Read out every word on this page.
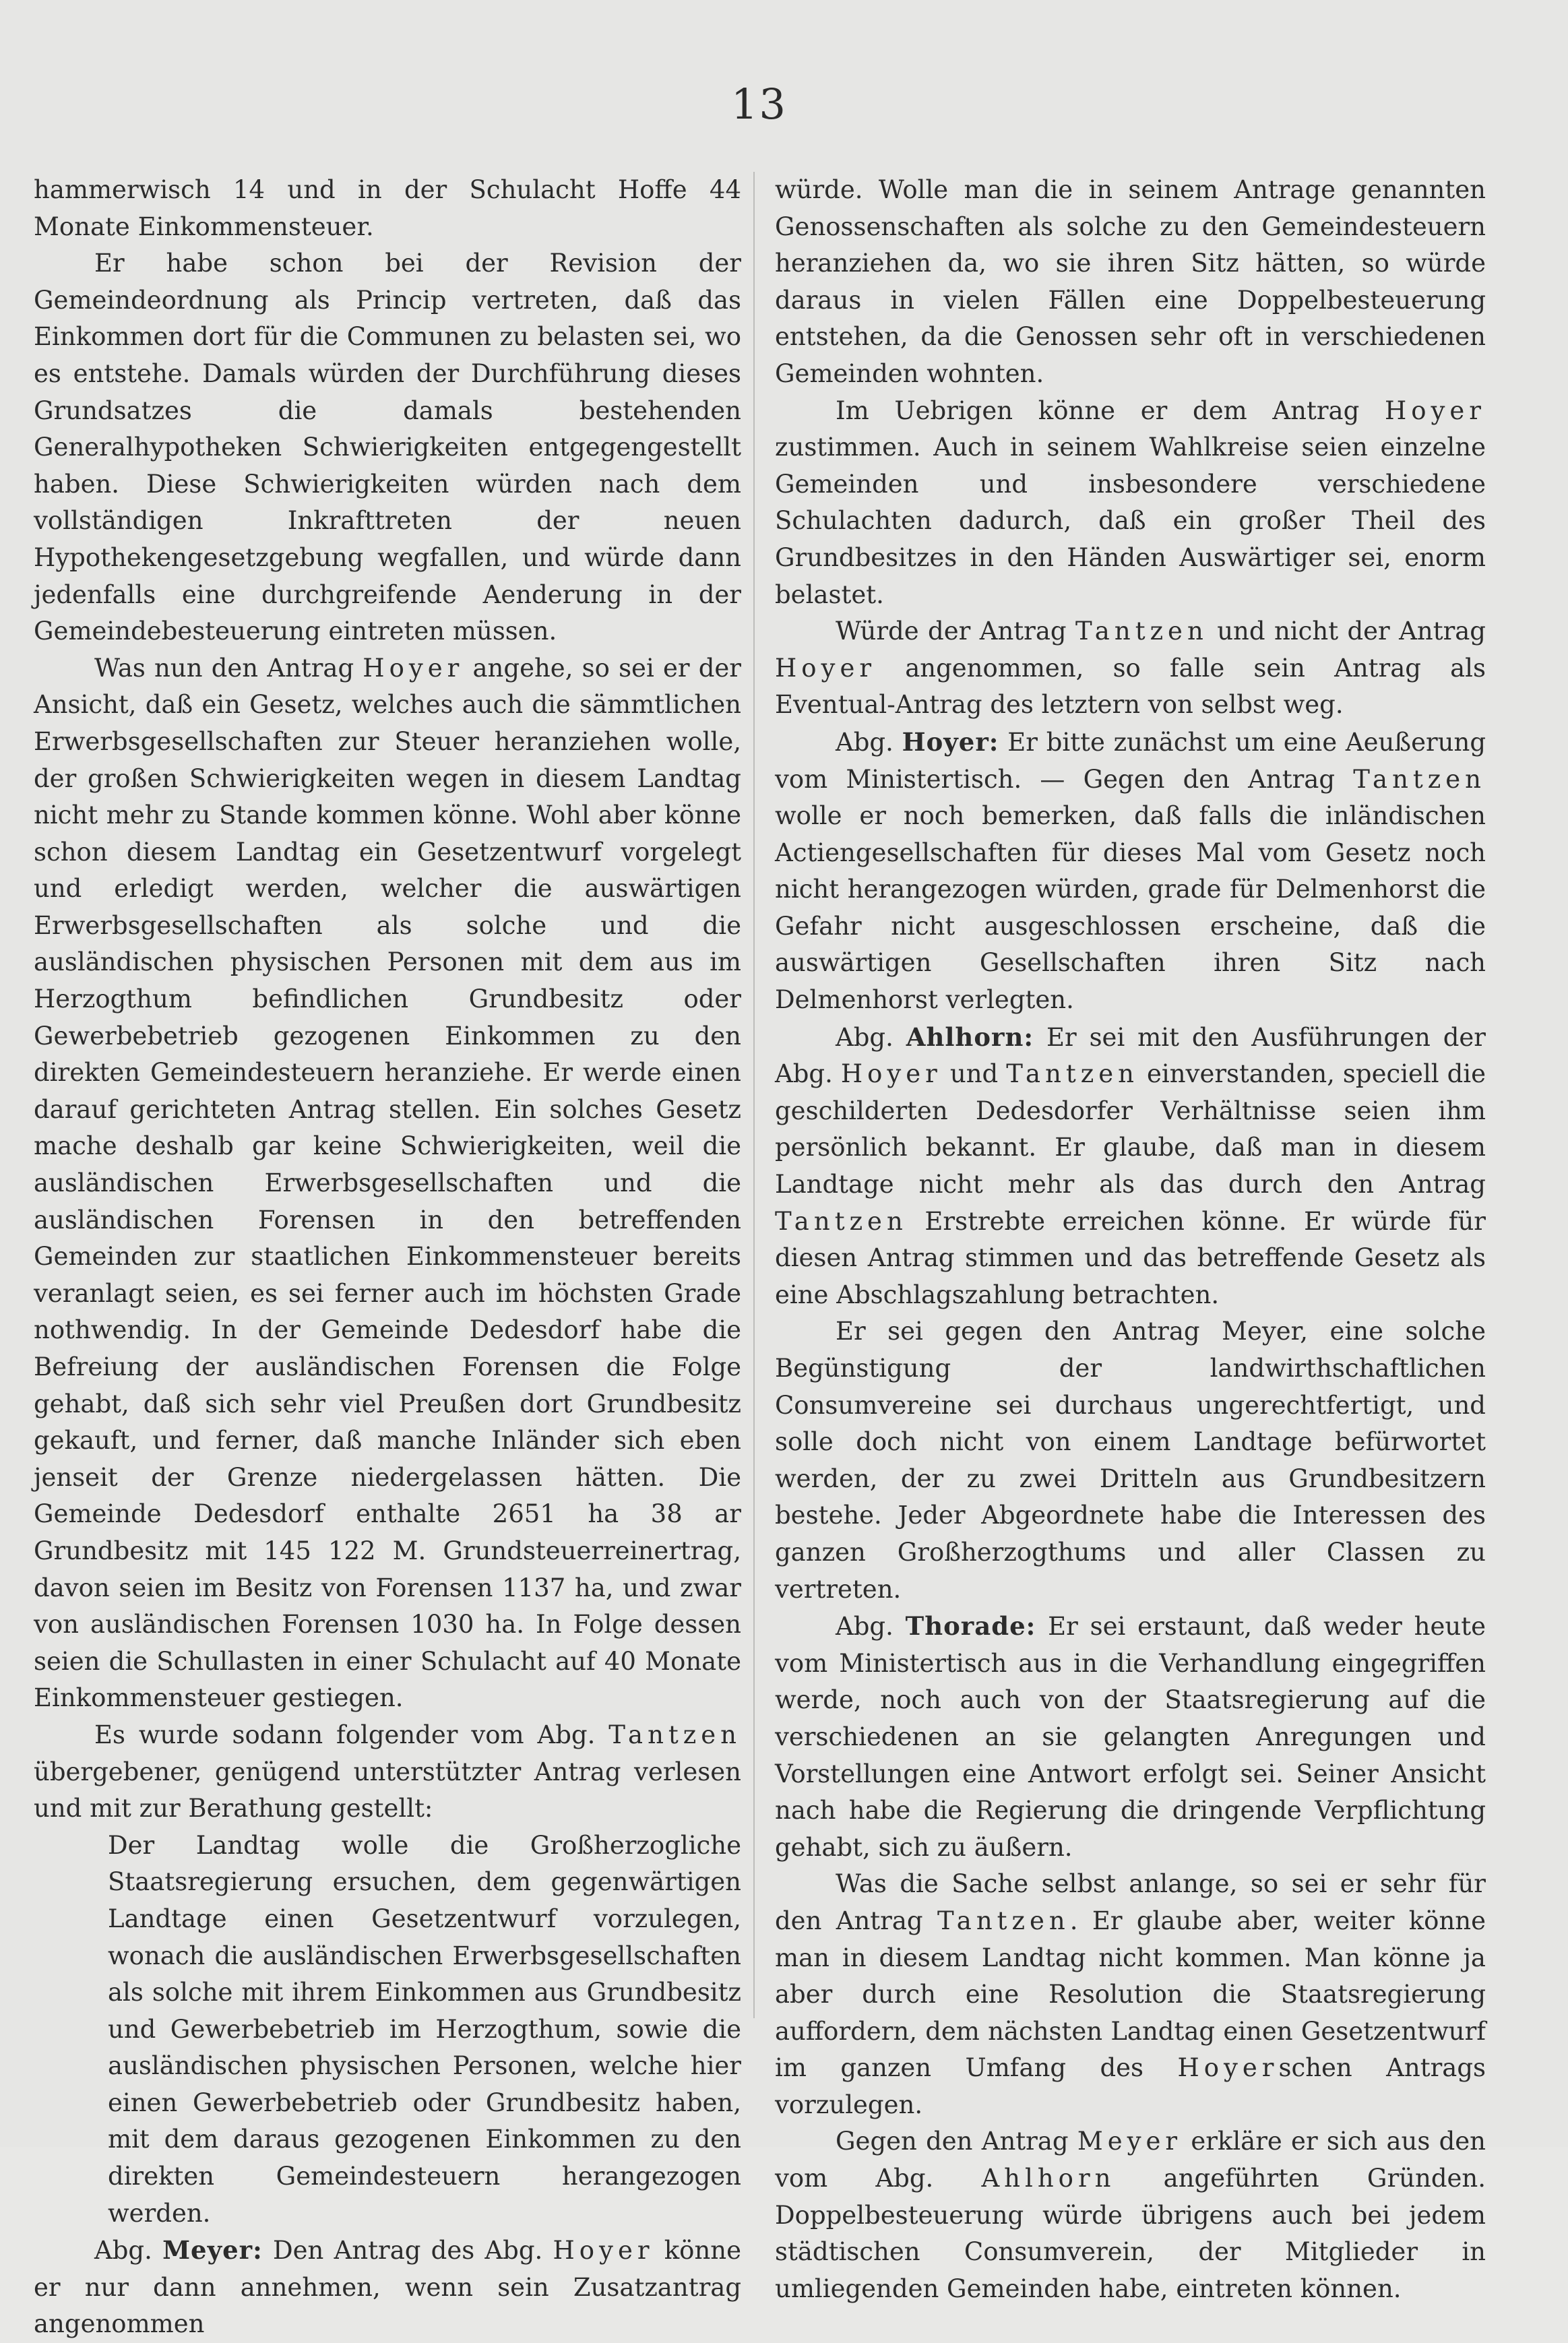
13

hammerwisch 14 und in der Schulacht Hoffe 44 Monate Einkommensteuer.

Er habe schon bei der Revision der Gemeindeordnung als Princip vertreten, daß das Einkommen dort für die Communen zu belasten sei, wo es entstehe. Damals würden der Durchführung dieses Grundsatzes die damals bestehenden Generalhypotheken Schwierigkeiten entgegengestellt haben. Diese Schwierigkeiten würden nach dem vollständigen Inkrafttreten der neuen Hypothekengesetzgebung wegfallen, und würde dann jedenfalls eine durchgreifende Aenderung in der Gemeindebesteuerung eintreten müssen.

Was nun den Antrag Hoyer angehe, so sei er der Ansicht, daß ein Gesetz, welches auch die sämmtlichen Erwerbsgesellschaften zur Steuer heranziehen wolle, der großen Schwierigkeiten wegen in diesem Landtag nicht mehr zu Stande kommen könne. Wohl aber könne schon diesem Landtag ein Gesetzentwurf vorgelegt und erledigt werden, welcher die auswärtigen Erwerbsgesellschaften als solche und die ausländischen physischen Personen mit dem aus im Herzogthum befindlichen Grundbesitz oder Gewerbebetrieb gezogenen Einkommen zu den direkten Gemeindesteuern heranziehe. Er werde einen darauf gerichteten Antrag stellen. Ein solches Gesetz mache deshalb gar keine Schwierigkeiten, weil die ausländischen Erwerbsgesellschaften und die ausländischen Forensen in den betreffenden Gemeinden zur staatlichen Einkommensteuer bereits veranlagt seien, es sei ferner auch im höchsten Grade nothwendig. In der Gemeinde Dedesdorf habe die Befreiung der ausländischen Forensen die Folge gehabt, daß sich sehr viel Preußen dort Grundbesitz gekauft, und ferner, daß manche Inländer sich eben jenseit der Grenze niedergelassen hätten. Die Gemeinde Dedesdorf enthalte 2651 ha 38 ar Grundbesitz mit 145 122 M. Grundsteuerreinertrag, davon seien im Besitz von Forensen 1137 ha, und zwar von ausländischen Forensen 1030 ha. In Folge dessen seien die Schullasten in einer Schulacht auf 40 Monate Einkommensteuer gestiegen.

Es wurde sodann folgender vom Abg. Tantzen übergebener, genügend unterstützter Antrag verlesen und mit zur Berathung gestellt:

Der Landtag wolle die Großherzogliche Staatsregierung ersuchen, dem gegenwärtigen Landtage einen Gesetzentwurf vorzulegen, wonach die ausländischen Erwerbsgesellschaften als solche mit ihrem Einkommen aus Grundbesitz und Gewerbebetrieb im Herzogthum, sowie die ausländischen physischen Personen, welche hier einen Gewerbebetrieb oder Grundbesitz haben, mit dem daraus gezogenen Einkommen zu den direkten Gemeindesteuern herangezogen werden.

Abg. Meyer: Den Antrag des Abg. Hoyer könne er nur dann annehmen, wenn sein Zusatzantrag angenommen

würde. Wolle man die in seinem Antrage genannten Genossenschaften als solche zu den Gemeindesteuern heranziehen da, wo sie ihren Sitz hätten, so würde daraus in vielen Fällen eine Doppelbesteuerung entstehen, da die Genossen sehr oft in verschiedenen Gemeinden wohnten.

Im Uebrigen könne er dem Antrag Hoyer zustimmen. Auch in seinem Wahlkreise seien einzelne Gemeinden und insbesondere verschiedene Schulachten dadurch, daß ein großer Theil des Grundbesitzes in den Händen Auswärtiger sei, enorm belastet.

Würde der Antrag Tantzen und nicht der Antrag Hoyer angenommen, so falle sein Antrag als Eventual-Antrag des letztern von selbst weg.

Abg. Hoyer: Er bitte zunächst um eine Aeußerung vom Ministertisch. — Gegen den Antrag Tantzen wolle er noch bemerken, daß falls die inländischen Actiengesellschaften für dieses Mal vom Gesetz noch nicht herangezogen würden, grade für Delmenhorst die Gefahr nicht ausgeschlossen erscheine, daß die auswärtigen Gesellschaften ihren Sitz nach Delmenhorst verlegten.

Abg. Ahlhorn: Er sei mit den Ausführungen der Abg. Hoyer und Tantzen einverstanden, speciell die geschilderten Dedesdorfer Verhältnisse seien ihm persönlich bekannt. Er glaube, daß man in diesem Landtage nicht mehr als das durch den Antrag Tantzen Erstrebte erreichen könne. Er würde für diesen Antrag stimmen und das betreffende Gesetz als eine Abschlagszahlung betrachten.

Er sei gegen den Antrag Meyer, eine solche Begünstigung der landwirthschaftlichen Consumvereine sei durchaus ungerechtfertigt, und solle doch nicht von einem Landtage befürwortet werden, der zu zwei Dritteln aus Grundbesitzern bestehe. Jeder Abgeordnete habe die Interessen des ganzen Großherzogthums und aller Classen zu vertreten.

Abg. Thorade: Er sei erstaunt, daß weder heute vom Ministertisch aus in die Verhandlung eingegriffen werde, noch auch von der Staatsregierung auf die verschiedenen an sie gelangten Anregungen und Vorstellungen eine Antwort erfolgt sei. Seiner Ansicht nach habe die Regierung die dringende Verpflichtung gehabt, sich zu äußern.

Was die Sache selbst anlange, so sei er sehr für den Antrag Tantzen. Er glaube aber, weiter könne man in diesem Landtag nicht kommen. Man könne ja aber durch eine Resolution die Staatsregierung auffordern, dem nächsten Landtag einen Gesetzentwurf im ganzen Umfang des Hoyerschen Antrags vorzulegen.

Gegen den Antrag Meyer erkläre er sich aus den vom Abg. Ahlhorn angeführten Gründen. Doppelbesteuerung würde übrigens auch bei jedem städtischen Consumverein, der Mitglieder in umliegenden Gemeinden habe, eintreten können.
